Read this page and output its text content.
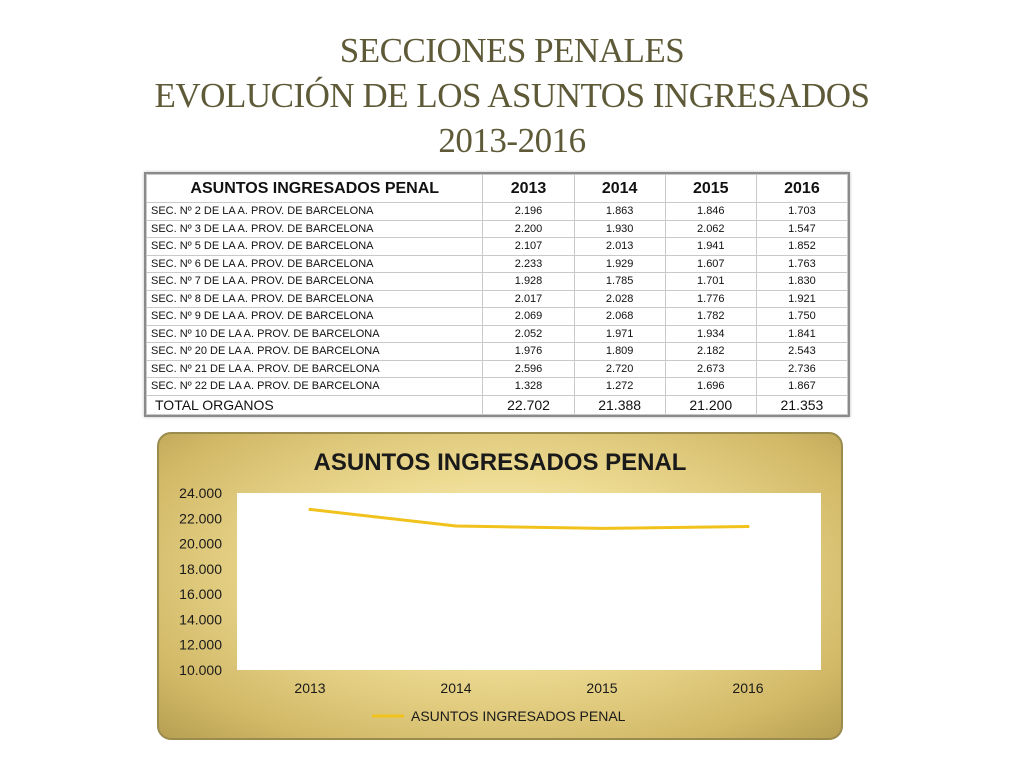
SECCIONES PENALES
EVOLUCIÓN DE LOS ASUNTOS INGRESADOS
2013-2016
ASUNTOS INGRESADOS PENAL	2013	2014	2015	2016
SEC. Nº 2 DE LA A. PROV. DE BARCELONA	2.196	1.863	1.846	1.703
SEC. Nº 3 DE LA A. PROV. DE BARCELONA	2.200	1.930	2.062	1.547
SEC. Nº 5 DE LA A. PROV. DE BARCELONA	2.107	2.013	1.941	1.852
SEC. Nº 6 DE LA A. PROV. DE BARCELONA	2.233	1.929	1.607	1.763
SEC. Nº 7 DE LA A. PROV. DE BARCELONA	1.928	1.785	1.701	1.830
SEC. Nº 8 DE LA A. PROV. DE BARCELONA	2.017	2.028	1.776	1.921
SEC. Nº 9 DE LA A. PROV. DE BARCELONA	2.069	2.068	1.782	1.750
SEC. Nº 10 DE LA A. PROV. DE BARCELONA	2.052	1.971	1.934	1.841
SEC. Nº 20 DE LA A. PROV. DE BARCELONA	1.976	1.809	2.182	2.543
SEC. Nº 21 DE LA A. PROV. DE BARCELONA	2.596	2.720	2.673	2.736
SEC. Nº 22 DE LA A. PROV. DE BARCELONA	1.328	1.272	1.696	1.867
TOTAL ORGANOS	22.702	21.388	21.200	21.353
ASUNTOS INGRESADOS PENAL
10.000
12.000
14.000
16.000
18.000
20.000
22.000
24.000
2013	2014	2015	2016
ASUNTOS INGRESADOS PENAL
